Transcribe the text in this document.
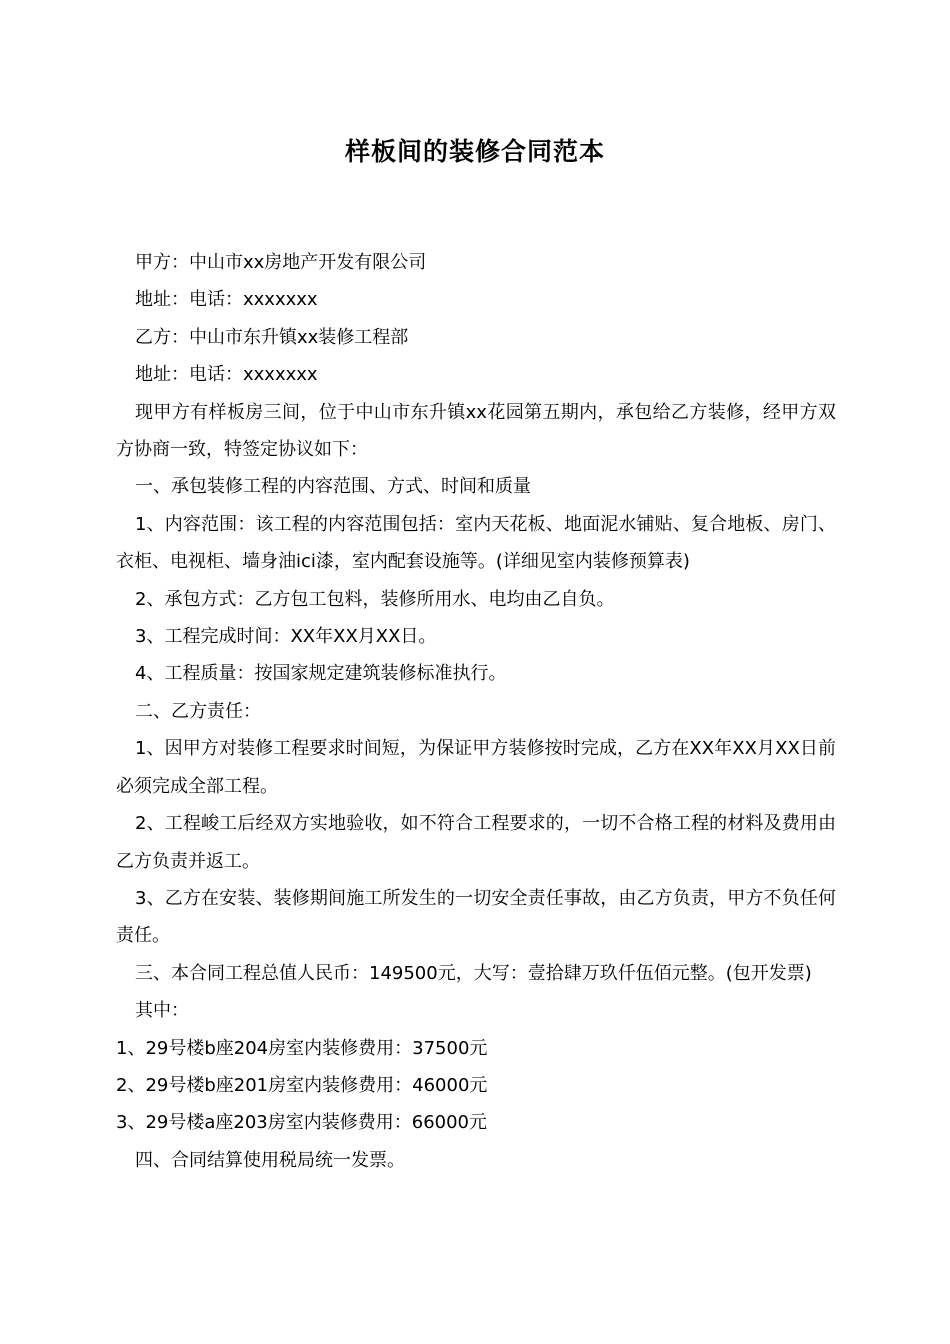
样板间的装修合同范本

甲方：中山市xx房地产开发有限公司

地址：电话：xxxxxxx

乙方：中山市东升镇xx装修工程部

地址：电话：xxxxxxx

现甲方有样板房三间，位于中山市东升镇xx花园第五期内，承包给乙方装修，经甲方双方协商一致，特签定协议如下：

一、承包装修工程的内容范围、方式、时间和质量

1、内容范围：该工程的内容范围包括：室内天花板、地面泥水铺贴、复合地板、房门、衣柜、电视柜、墙身油ici漆，室内配套设施等。(详细见室内装修预算表)

2、承包方式：乙方包工包料，装修所用水、电均由乙自负。

3、工程完成时间：XX年XX月XX日。

4、工程质量：按国家规定建筑装修标准执行。

二、乙方责任：

1、因甲方对装修工程要求时间短，为保证甲方装修按时完成，乙方在XX年XX月XX日前必须完成全部工程。

2、工程峻工后经双方实地验收，如不符合工程要求的，一切不合格工程的材料及费用由乙方负责并返工。

3、乙方在安装、装修期间施工所发生的一切安全责任事故，由乙方负责，甲方不负任何责任。

三、本合同工程总值人民币：149500元，大写：壹拾肆万玖仟伍佰元整。(包开发票)

其中：

1、29号楼b座204房室内装修费用：37500元

2、29号楼b座201房室内装修费用：46000元

3、29号楼a座203房室内装修费用：66000元

四、合同结算使用税局统一发票。
